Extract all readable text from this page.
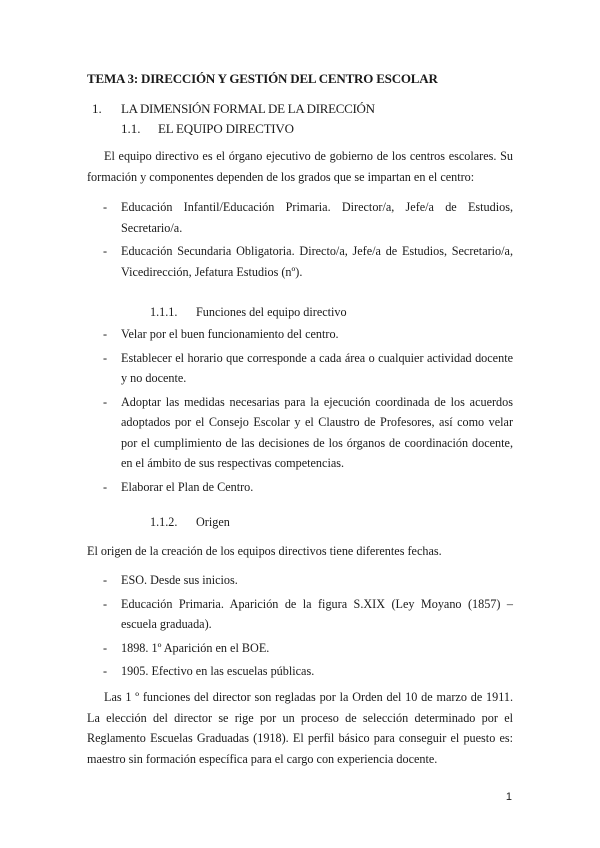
TEMA 3: DIRECCIÓN Y GESTIÓN DEL CENTRO ESCOLAR
1. LA DIMENSIÓN FORMAL DE LA DIRECCIÓN
1.1. EL EQUIPO DIRECTIVO

El equipo directivo es el órgano ejecutivo de gobierno de los centros escolares. Su formación y componentes dependen de los grados que se impartan en el centro:

- Educación Infantil/Educación Primaria. Director/a, Jefe/a de Estudios, Secretario/a.
- Educación Secundaria Obligatoria. Directo/a, Jefe/a de Estudios, Secretario/a, Vicedirección, Jefatura Estudios (nº).
1.1.1. Funciones del equipo directivo
- Velar por el buen funcionamiento del centro.
- Establecer el horario que corresponde a cada área o cualquier actividad docente y no docente.
- Adoptar las medidas necesarias para la ejecución coordinada de los acuerdos adoptados por el Consejo Escolar y el Claustro de Profesores, así como velar por el cumplimiento de las decisiones de los órganos de coordinación docente, en el ámbito de sus respectivas competencias.
- Elaborar el Plan de Centro.
1.1.2. Origen

El origen de la creación de los equipos directivos tiene diferentes fechas.

- ESO. Desde sus inicios.
- Educación Primaria. Aparición de la figura S.XIX (Ley Moyano (1857) – escuela graduada).
- 1898. 1º Aparición en el BOE.
- 1905. Efectivo en las escuelas públicas.

Las 1 º funciones del director son regladas por la Orden del 10 de marzo de 1911. La elección del director se rige por un proceso de selección determinado por el Reglamento Escuelas Graduadas (1918). El perfil básico para conseguir el puesto es: maestro sin formación específica para el cargo con experiencia docente.

1
